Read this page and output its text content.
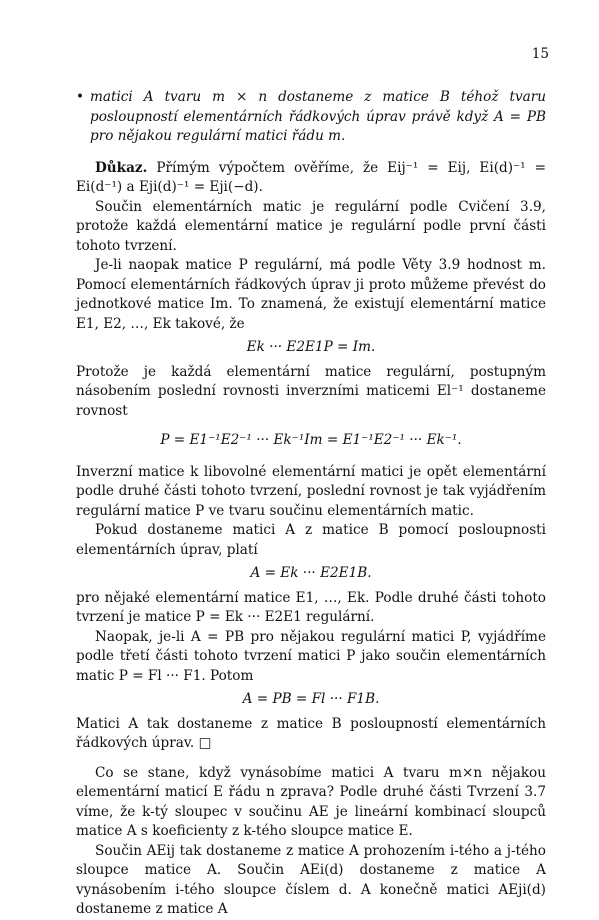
15
• matici A tvaru m × n dostaneme z matice B téhož tvaru posloupností elementárních řádkových úprav právě když A = PB pro nějakou regulární matici řádu m.

Důkaz. Přímým výpočtem ověříme, že Eij⁻¹ = Eij, Ei(d)⁻¹ = Ei(d⁻¹) a Eji(d)⁻¹ = Eji(−d).

Součin elementárních matic je regulární podle Cvičení 3.9, protože každá elementární matice je regulární podle první části tohoto tvrzení.

Je-li naopak matice P regulární, má podle Věty 3.9 hodnost m. Pomocí elementárních řádkových úprav ji proto můžeme převést do jednotkové matice Im. To znamená, že existují elementární matice E1, E2, …, Ek takové, že

Ek ··· E2E1P = Im.

Protože je každá elementární matice regulární, postupným násobením poslední rovnosti inverzními maticemi El⁻¹ dostaneme rovnost

P = E1⁻¹E2⁻¹ ··· Ek⁻¹Im = E1⁻¹E2⁻¹ ··· Ek⁻¹.

Inverzní matice k libovolné elementární matici je opět elementární podle druhé části tohoto tvrzení, poslední rovnost je tak vyjádřením regulární matice P ve tvaru součinu elementárních matic.

Pokud dostaneme matici A z matice B pomocí posloupnosti elementárních úprav, platí

A = Ek ··· E2E1B.

pro nějaké elementární matice E1, …, Ek. Podle druhé části tohoto tvrzení je matice P = Ek ··· E2E1 regulární.

Naopak, je-li A = PB pro nějakou regulární matici P, vyjádříme podle třetí části tohoto tvrzení matici P jako součin elementárních matic P = Fl ··· F1. Potom

A = PB = Fl ··· F1B.

Matici A tak dostaneme z matice B posloupností elementárních řádkových úprav. □

Co se stane, když vynásobíme matici A tvaru m×n nějakou elementární maticí E řádu n zprava? Podle druhé části Tvrzení 3.7 víme, že k-tý sloupec v součinu AE je lineární kombinací sloupců matice A s koeficienty z k-tého sloupce matice E.

Součin AEij tak dostaneme z matice A prohozením i-tého a j-tého sloupce matice A. Součin AEi(d) dostaneme z matice A vynásobením i-tého sloupce číslem d. A konečně matici AEji(d) dostaneme z matice A
